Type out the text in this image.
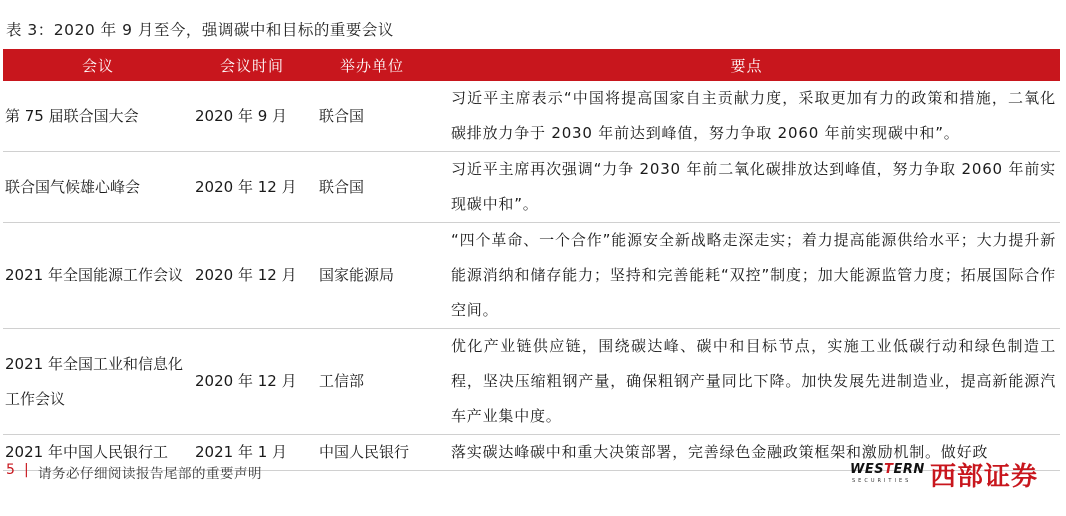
表 3：2020 年 9 月至今，强调碳中和目标的重要会议
会议	会议时间	举办单位	要点
第 75 届联合国大会	2020 年 9 月	联合国	习近平主席表示“中国将提高国家自主贡献力度，采取更加有力的政策和措施，二氧化碳排放力争于 2030 年前达到峰值，努力争取 2060 年前实现碳中和”。
联合国气候雄心峰会	2020 年 12 月	联合国	习近平主席再次强调“力争 2030 年前二氧化碳排放达到峰值，努力争取 2060 年前实现碳中和”。
2021 年全国能源工作会议	2020 年 12 月	国家能源局	“四个革命、一个合作”能源安全新战略走深走实；着力提高能源供给水平；大力提升新能源消纳和储存能力；坚持和完善能耗“双控”制度；加大能源监管力度；拓展国际合作空间。
2021 年全国工业和信息化工作会议	2020 年 12 月	工信部	优化产业链供应链，围绕碳达峰、碳中和目标节点，实施工业低碳行动和绿色制造工程，坚决压缩粗钢产量，确保粗钢产量同比下降。加快发展先进制造业，提高新能源汽车产业集中度。
2021 年中国人民银行工	2021 年 1 月	中国人民银行	落实碳达峰碳中和重大决策部署，完善绿色金融政策框架和激励机制。做好政
5 | 请务必仔细阅读报告尾部的重要声明	WESTERN
SECURITIES 西部证券
